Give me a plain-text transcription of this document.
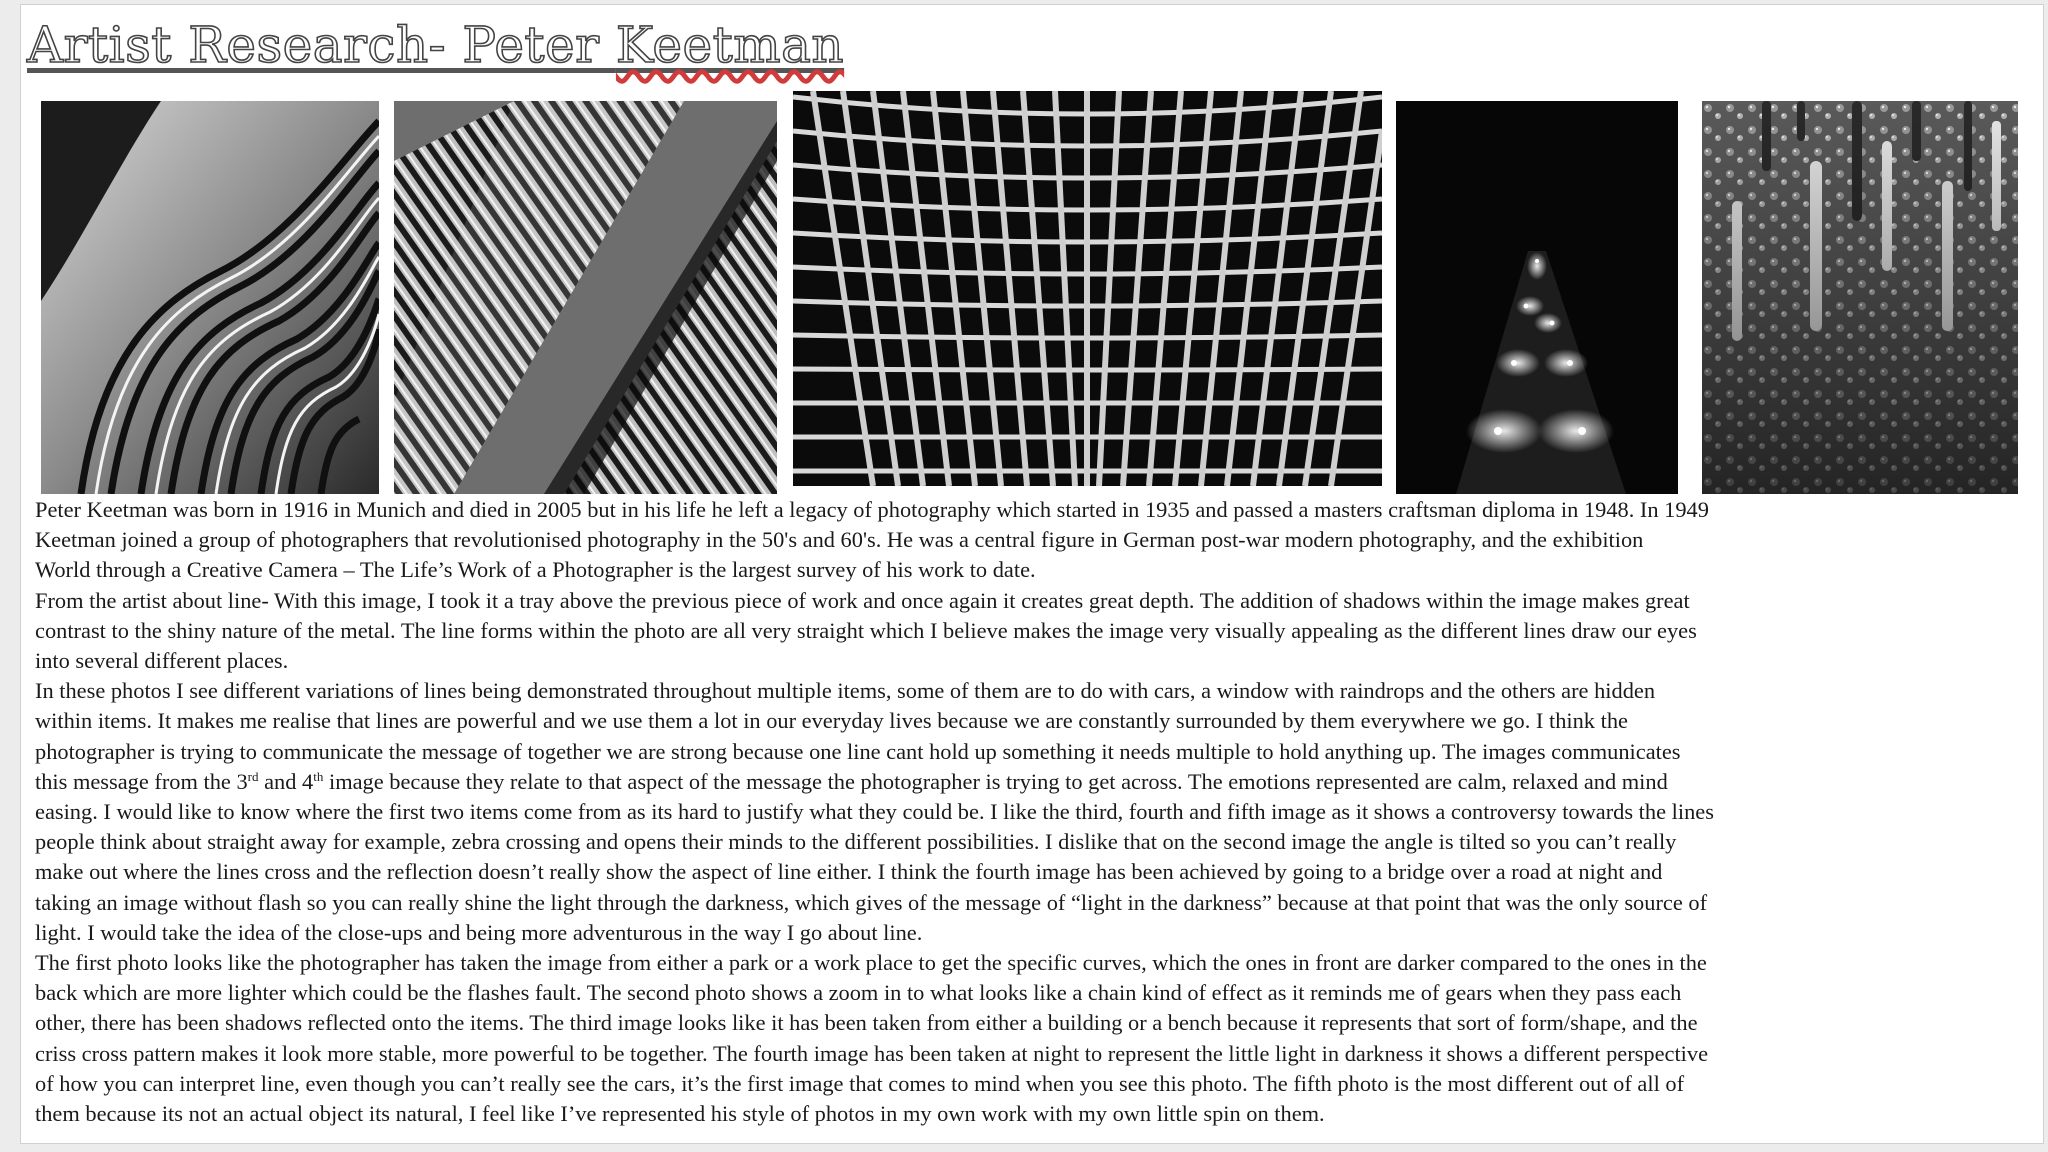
Artist Research- Peter Keetman

Peter Keetman was born in 1916 in Munich and died in 2005 but in his life he left a legacy of photography which started in 1935 and passed a masters craftsman diploma in 1948. In 1949

Keetman joined a group of photographers that revolutionised photography in the 50's and 60's. He was a central figure in German post-war modern photography, and the exhibition

World through a Creative Camera – The Life’s Work of a Photographer is the largest survey of his work to date.

From the artist about line- With this image, I took it a tray above the previous piece of work and once again it creates great depth. The addition of shadows within the image makes great

contrast to the shiny nature of the metal. The line forms within the photo are all very straight which I believe makes the image very visually appealing as the different lines draw our eyes

into several different places.

In these photos I see different variations of lines being demonstrated throughout multiple items, some of them are to do with cars, a window with raindrops and the others are hidden

within items. It makes me realise that lines are powerful and we use them a lot in our everyday lives because we are constantly surrounded by them everywhere we go. I think the

photographer is trying to communicate the message of together we are strong because one line cant hold up something it needs multiple to hold anything up. The images communicates

this message from the 3rd and 4th image because they relate to that aspect of the message the photographer is trying to get across. The emotions represented are calm, relaxed and mind

easing. I would like to know where the first two items come from as its hard to justify what they could be. I like the third, fourth and fifth image as it shows a controversy towards the lines

people think about straight away for example, zebra crossing and opens their minds to the different possibilities. I dislike that on the second image the angle is tilted so you can’t really

make out where the lines cross and the reflection doesn’t really show the aspect of line either. I think the fourth image has been achieved by going to a bridge over a road at night and

taking an image without flash so you can really shine the light through the darkness, which gives of the message of “light in the darkness” because at that point that was the only source of

light. I would take the idea of the close-ups and being more adventurous in the way I go about line.

The first photo looks like the photographer has taken the image from either a park or a work place to get the specific curves, which the ones in front are darker compared to the ones in the

back which are more lighter which could be the flashes fault. The second photo shows a zoom in to what looks like a chain kind of effect as it reminds me of gears when they pass each

other, there has been shadows reflected onto the items. The third image looks like it has been taken from either a building or a bench because it represents that sort of form/shape, and the

criss cross pattern makes it look more stable, more powerful to be together. The fourth image has been taken at night to represent the little light in darkness it shows a different perspective

of how you can interpret line, even though you can’t really see the cars, it’s the first image that comes to mind when you see this photo. The fifth photo is the most different out of all of

them because its not an actual object its natural, I feel like I’ve represented his style of photos in my own work with my own little spin on them.
